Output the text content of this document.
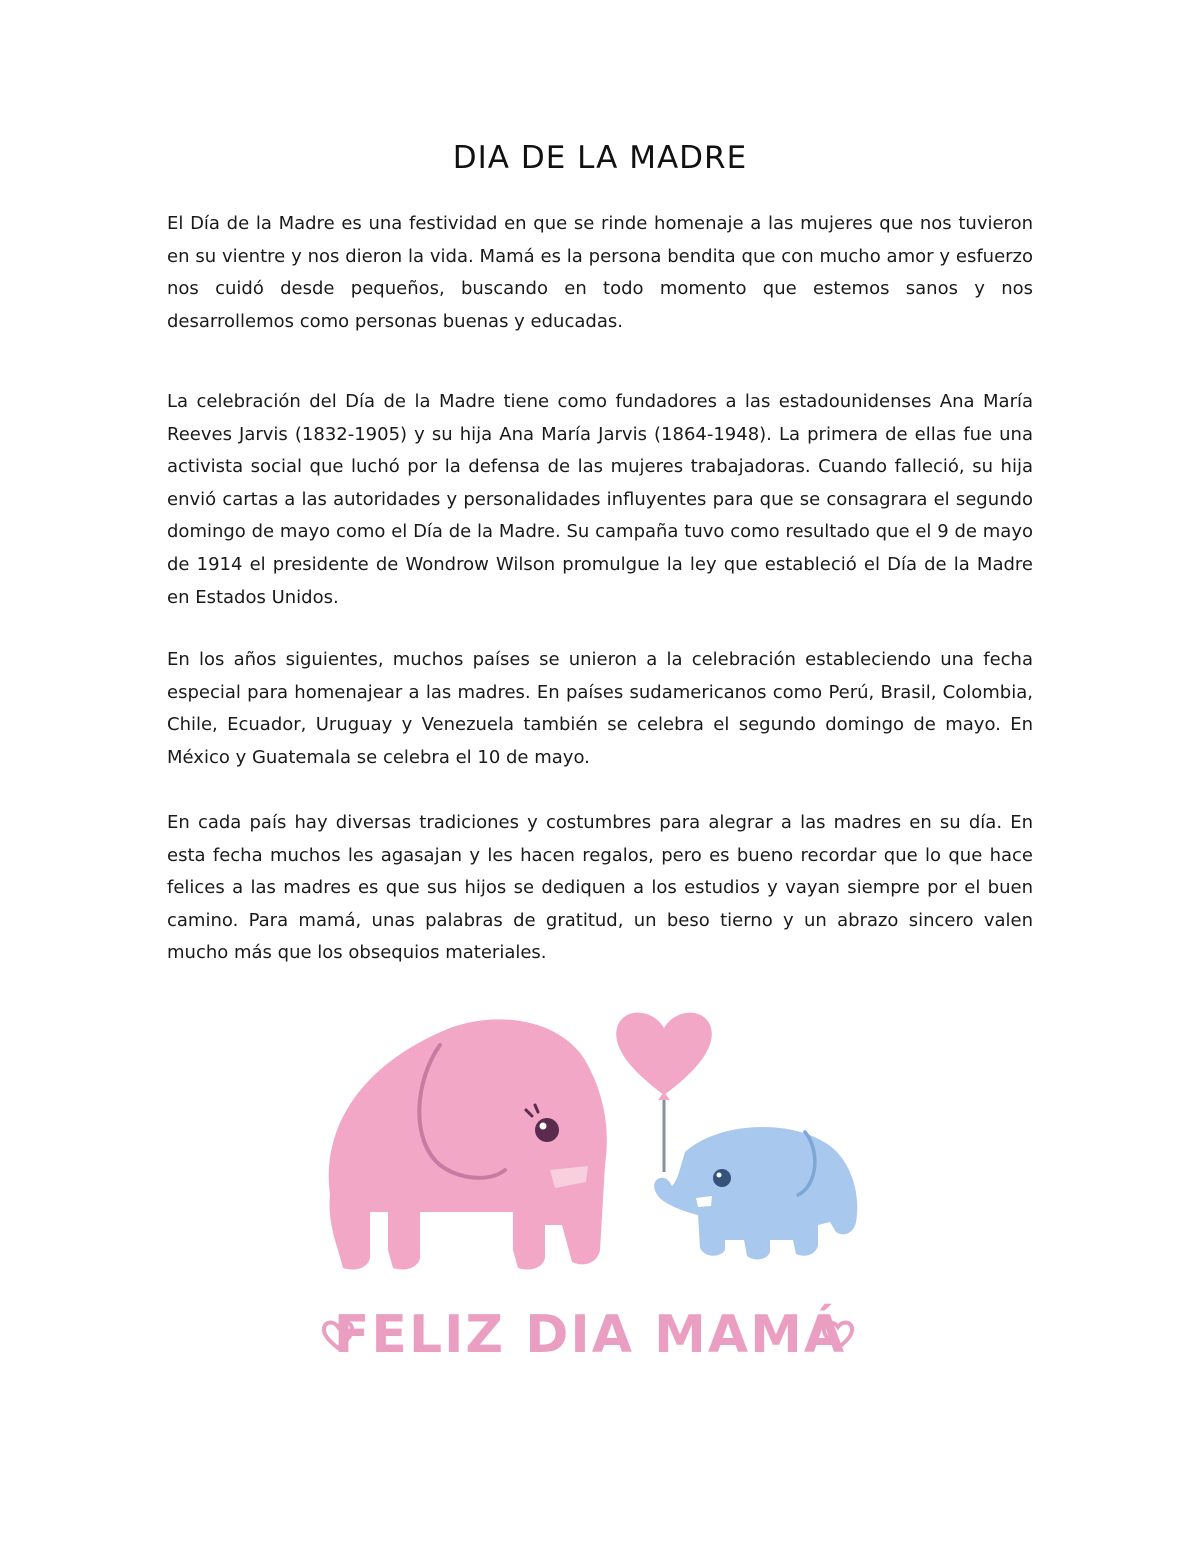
DIA DE LA MADRE

El Día de la Madre es una festividad en que se rinde homenaje a las mujeres que nos tuvieron en su vientre y nos dieron la vida. Mamá es la persona bendita que con mucho amor y esfuerzo nos cuidó desde pequeños, buscando en todo momento que estemos sanos y nos desarrollemos como personas buenas y educadas.

La celebración del Día de la Madre tiene como fundadores a las estadounidenses Ana María Reeves Jarvis (1832-1905) y su hija Ana María Jarvis (1864-1948). La primera de ellas fue una activista social que luchó por la defensa de las mujeres trabajadoras. Cuando falleció, su hija envió cartas a las autoridades y personalidades influyentes para que se consagrara el segundo domingo de mayo como el Día de la Madre. Su campaña tuvo como resultado que el 9 de mayo de 1914 el presidente de Wondrow Wilson promulgue la ley que estableció el Día de la Madre en Estados Unidos.

En los años siguientes, muchos países se unieron a la celebración estableciendo una fecha especial para homenajear a las madres. En países sudamericanos como Perú, Brasil, Colombia, Chile, Ecuador, Uruguay y Venezuela también se celebra el segundo domingo de mayo. En México y Guatemala se celebra el 10 de mayo.

En cada país hay diversas tradiciones y costumbres para alegrar a las madres en su día. En esta fecha muchos les agasajan y les hacen regalos, pero es bueno recordar que lo que hace felices a las madres es que sus hijos se dediquen a los estudios y vayan siempre por el buen camino. Para mamá, unas palabras de gratitud, un beso tierno y un abrazo sincero valen mucho más que los obsequios materiales.

FELIZ DIA MAMÁ
